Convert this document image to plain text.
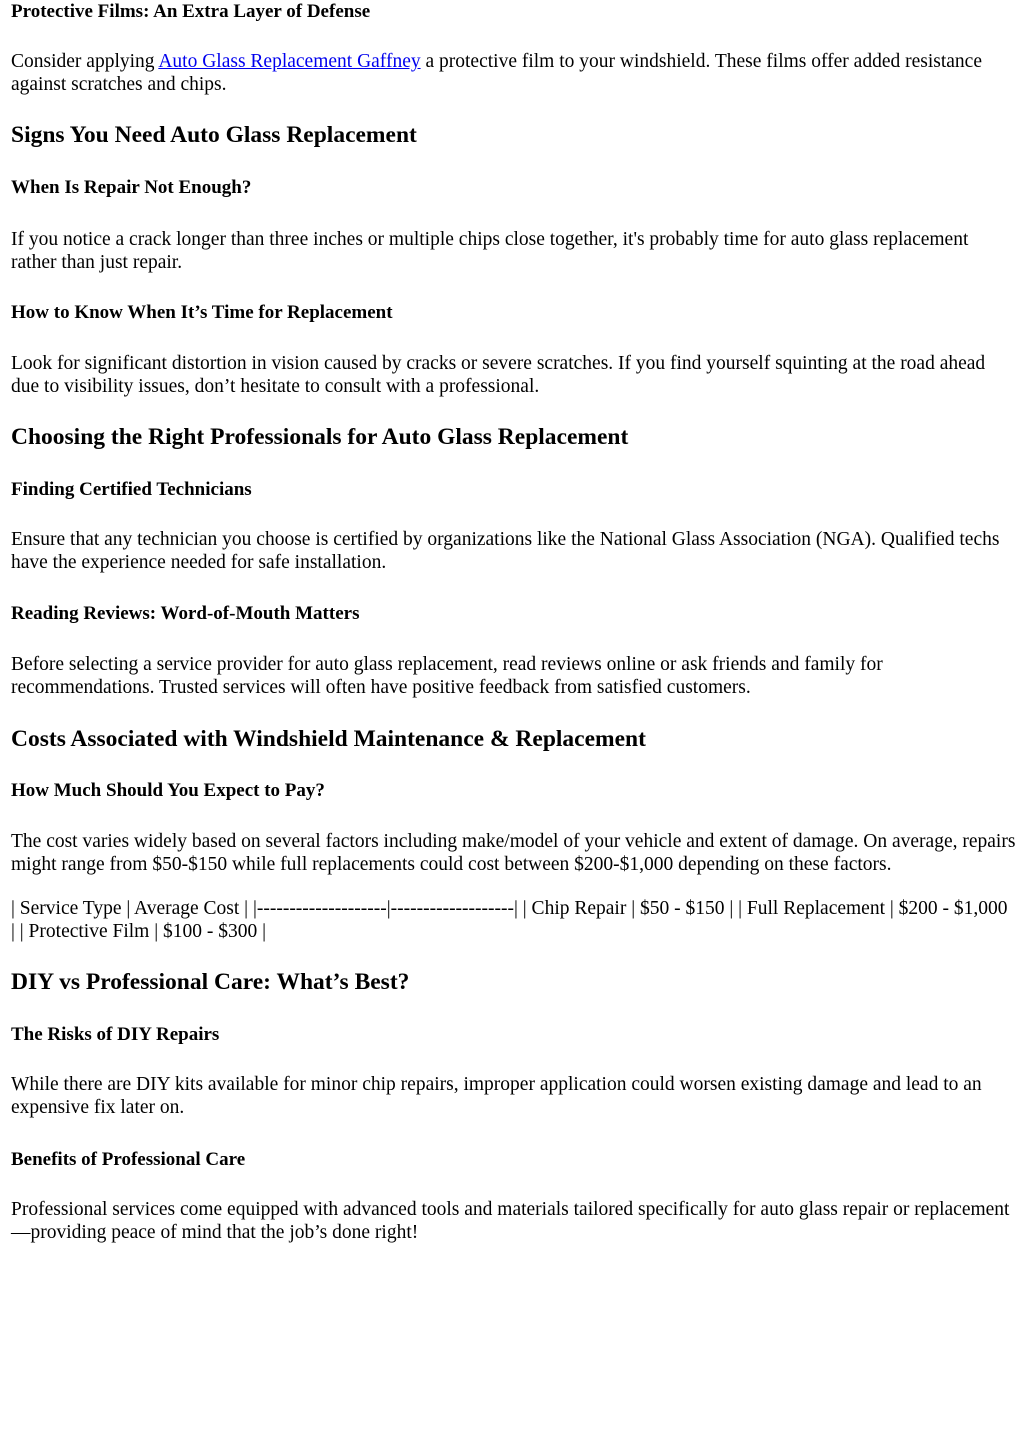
Protective Films: An Extra Layer of Defense

Consider applying Auto Glass Replacement Gaffney a protective film to your windshield. These films offer added resistance against scratches and chips.

Signs You Need Auto Glass Replacement
When Is Repair Not Enough?

If you notice a crack longer than three inches or multiple chips close together, it's probably time for auto glass replacement rather than just repair.

How to Know When It’s Time for Replacement

Look for significant distortion in vision caused by cracks or severe scratches. If you find yourself squinting at the road ahead due to visibility issues, don’t hesitate to consult with a professional.

Choosing the Right Professionals for Auto Glass Replacement
Finding Certified Technicians

Ensure that any technician you choose is certified by organizations like the National Glass Association (NGA). Qualified techs have the experience needed for safe installation.

Reading Reviews: Word-of-Mouth Matters

Before selecting a service provider for auto glass replacement, read reviews online or ask friends and family for recommendations. Trusted services will often have positive feedback from satisfied customers.

Costs Associated with Windshield Maintenance & Replacement
How Much Should You Expect to Pay?

The cost varies widely based on several factors including make/model of your vehicle and extent of damage. On average, repairs might range from $50-$150 while full replacements could cost between $200-$1,000 depending on these factors.

| Service Type | Average Cost | |--------------------|-------------------| | Chip Repair | $50 - $150 | | Full Replacement | $200 - $1,000 | | Protective Film | $100 - $300 |

DIY vs Professional Care: What’s Best?
The Risks of DIY Repairs

While there are DIY kits available for minor chip repairs, improper application could worsen existing damage and lead to an expensive fix later on.

Benefits of Professional Care

Professional services come equipped with advanced tools and materials tailored specifically for auto glass repair or replacement—providing peace of mind that the job’s done right!
